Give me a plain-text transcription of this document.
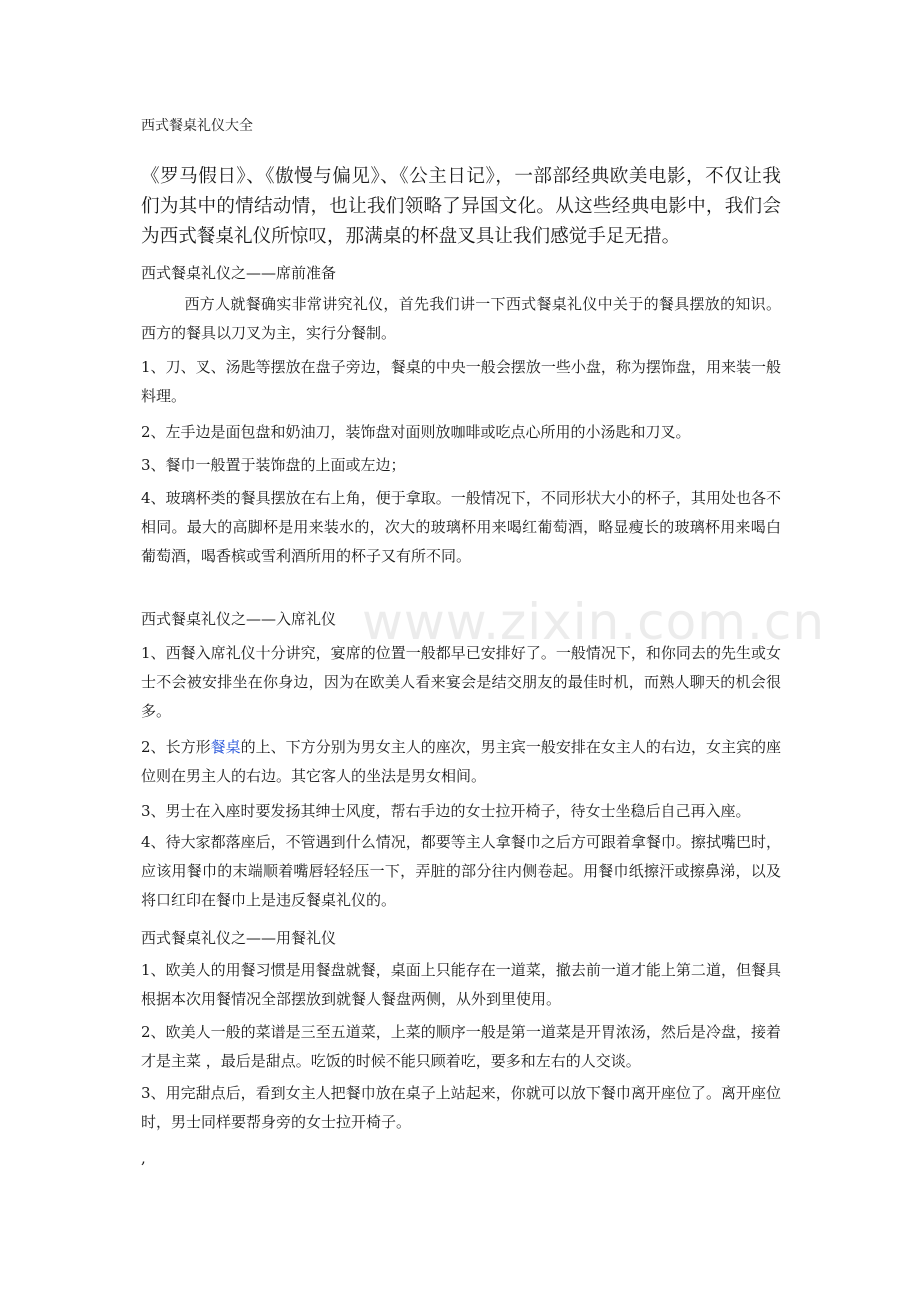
www.zixin.com.cn
西式餐桌礼仪大全

《罗马假日》、《傲慢与偏见》、《公主日记》，一部部经典欧美电影，不仅让我们为其中的情结动情，也让我们领略了异国文化。从这些经典电影中，我们会为西式餐桌礼仪所惊叹，那满桌的杯盘叉具让我们感觉手足无措。

西式餐桌礼仪之——席前准备

西方人就餐确实非常讲究礼仪，首先我们讲一下西式餐桌礼仪中关于的餐具摆放的知识。西方的餐具以刀叉为主，实行分餐制。

1、刀、叉、汤匙等摆放在盘子旁边，餐桌的中央一般会摆放一些小盘，称为摆饰盘，用来装一般料理。

2、左手边是面包盘和奶油刀，装饰盘对面则放咖啡或吃点心所用的小汤匙和刀叉。

3、餐巾一般置于装饰盘的上面或左边；

4、玻璃杯类的餐具摆放在右上角，便于拿取。一般情况下，不同形状大小的杯子，其用处也各不相同。最大的高脚杯是用来装水的，次大的玻璃杯用来喝红葡萄酒，略显瘦长的玻璃杯用来喝白葡萄酒，喝香槟或雪利酒所用的杯子又有所不同。

西式餐桌礼仪之——入席礼仪

1、西餐入席礼仪十分讲究，宴席的位置一般都早已安排好了。一般情况下，和你同去的先生或女士不会被安排坐在你身边，因为在欧美人看来宴会是结交朋友的最佳时机，而熟人聊天的机会很多。

2、长方形餐桌的上、下方分别为男女主人的座次，男主宾一般安排在女主人的右边，女主宾的座位则在男主人的右边。其它客人的坐法是男女相间。

3、男士在入座时要发扬其绅士风度，帮右手边的女士拉开椅子，待女士坐稳后自己再入座。

4、待大家都落座后，不管遇到什么情况，都要等主人拿餐巾之后方可跟着拿餐巾。擦拭嘴巴时，应该用餐巾的末端顺着嘴唇轻轻压一下，弄脏的部分往内侧卷起。用餐巾纸擦汗或擦鼻涕，以及将口红印在餐巾上是违反餐桌礼仪的。

西式餐桌礼仪之——用餐礼仪

1、欧美人的用餐习惯是用餐盘就餐，桌面上只能存在一道菜，撤去前一道才能上第二道，但餐具根据本次用餐情况全部摆放到就餐人餐盘两侧，从外到里使用。

2、欧美人一般的菜谱是三至五道菜，上菜的顺序一般是第一道菜是开胃浓汤，然后是冷盘，接着才是主菜 ，最后是甜点。吃饭的时候不能只顾着吃，要多和左右的人交谈。

3、用完甜点后，看到女主人把餐巾放在桌子上站起来，你就可以放下餐巾离开座位了。离开座位时，男士同样要帮身旁的女士拉开椅子。

,
